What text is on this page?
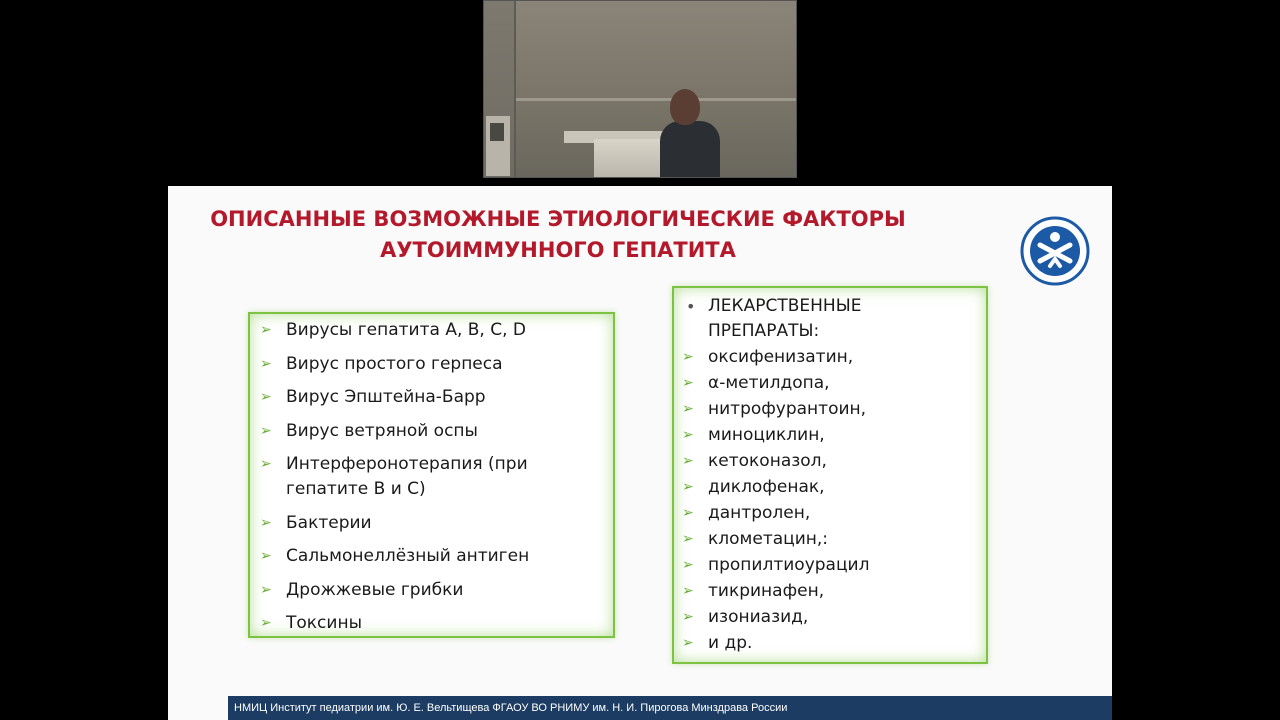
ОПИСАННЫЕ ВОЗМОЖНЫЕ ЭТИОЛОГИЧЕСКИЕ ФАКТОРЫ
АУТОИММУННОГО ГЕПАТИТА
➢ Вирусы гепатита A, B, C, D
➢ Вирус простого герпеса
➢ Вирус Эпштейна-Барр
➢ Вирус ветряной оспы
➢ Интерферонотерапия (при гепатите B и C)
➢ Бактерии
➢ Сальмонеллёзный антиген
➢ Дрожжевые грибки
➢ Токсины
• ЛЕКАРСТВЕННЫЕ ПРЕПАРАТЫ:
➢ оксифенизатин,
➢ α-метилдопа,
➢ нитрофурантоин,
➢ миноциклин,
➢ кетоконазол,
➢ диклофенак,
➢ дантролен,
➢ клометацин,:
➢ пропилтиоурацил
➢ тикринафен,
➢ изониазид,
➢ и др.
НМИЦ Институт педиатрии им. Ю. Е. Вельтищева ФГАОУ ВО РНИМУ им. Н. И. Пирогова Минздрава России
